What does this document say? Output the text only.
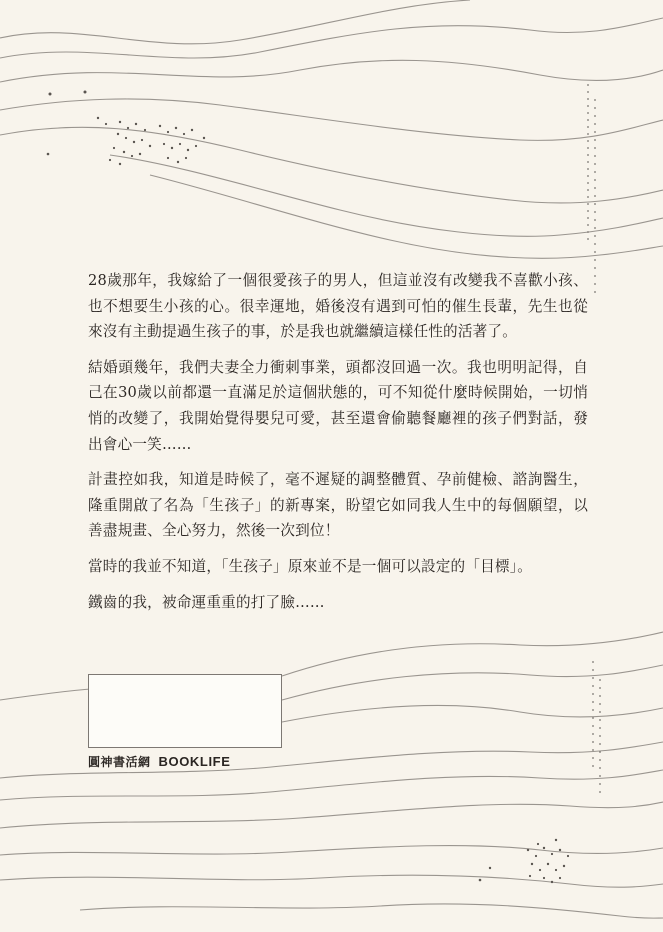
28歲那年，我嫁給了一個很愛孩子的男人，但這並沒有改變我不喜歡小孩、也不想要生小孩的心。很幸運地，婚後沒有遇到可怕的催生長輩，先生也從來沒有主動提過生孩子的事，於是我也就繼續這樣任性的活著了。

結婚頭幾年，我們夫妻全力衝刺事業，頭都沒回過一次。我也明明記得，自己在30歲以前都還一直滿足於這個狀態的，可不知從什麼時候開始，一切悄悄的改變了，我開始覺得嬰兒可愛，甚至還會偷聽餐廳裡的孩子們對話，發出會心一笑……

計畫控如我，知道是時候了，毫不遲疑的調整體質、孕前健檢、諮詢醫生，隆重開啟了名為「生孩子」的新專案，盼望它如同我人生中的每個願望，以善盡規畫、全心努力，然後一次到位！

當時的我並不知道，「生孩子」原來並不是一個可以設定的「目標」。

鐵齒的我，被命運重重的打了臉……

圓神書活網 BOOKLIFE
